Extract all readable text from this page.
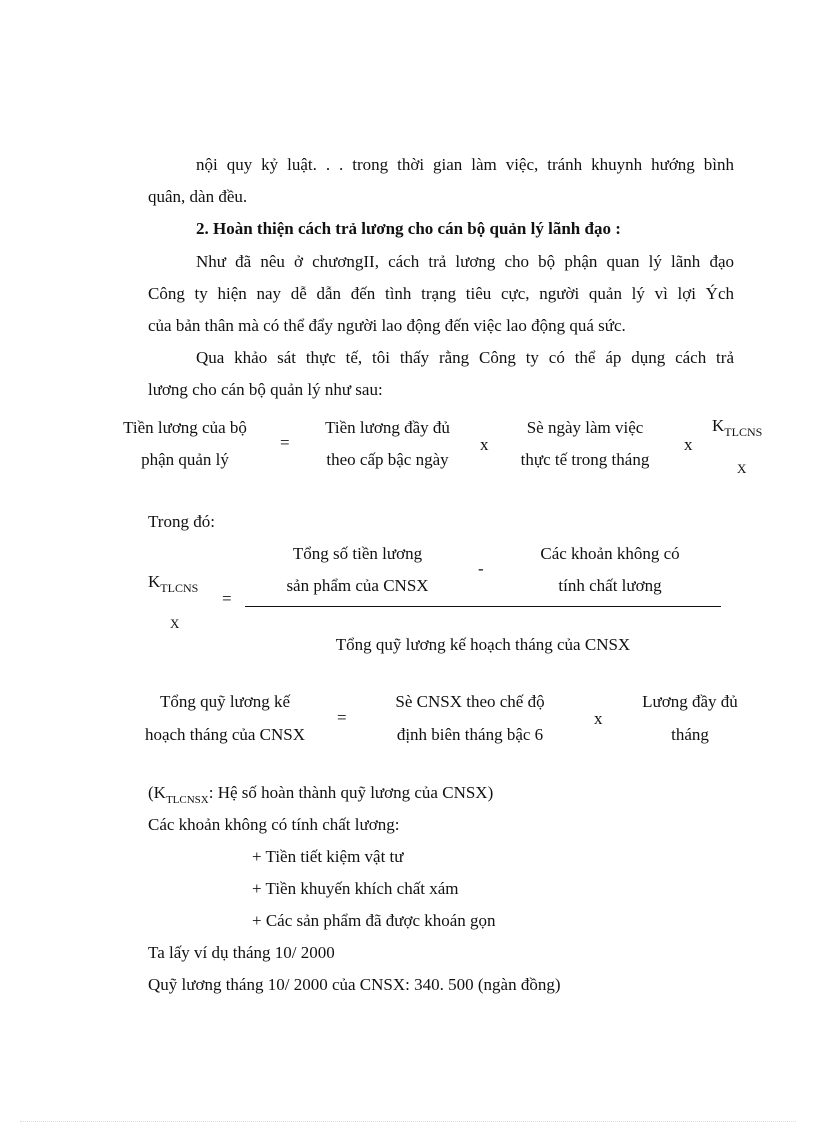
nội quy kỷ luật. . . trong thời gian làm việc, tránh khuynh hướng bình
quân, dàn đều.
2. Hoàn thiện cách trả lương cho cán bộ quản lý lãnh đạo :
Như đã nêu ở chươngII, cách trả lương cho bộ phận quan lý lãnh đạo
Công ty hiện nay dễ dẫn đến tình trạng tiêu cực, người quản lý vì lợi Ých
của bản thân mà có thể đẩy người lao động đến việc lao động quá sức.
Qua khảo sát thực tế, tôi thấy rằng Công ty có thể áp dụng cách trả
lương cho cán bộ quản lý như sau:
Tiền lương của bộ
phận quản lý
=
Tiền lương đầy đủ
theo cấp bậc ngày
x
Sè ngày làm việc
thực tế trong tháng
x
$K_{TLCNS}$
X
Trong đó:
$K_{TLCNS}$
X
=
Tổng số tiền lương
sản phẩm của CNSX
-
Các khoản không có
tính chất lương
Tổng quỹ lương kế hoạch tháng của CNSX
Tổng quỹ lương kế
hoạch tháng của CNSX
=
Sè CNSX theo chế độ
định biên tháng bậc 6
x
Lương đầy đủ
tháng
($K_{TLCNSX}$: Hệ số hoàn thành quỹ lương của CNSX)
Các khoản không có tính chất lương:
+ Tiền tiết kiệm vật tư
+ Tiền khuyến khích chất xám
+ Các sản phẩm đã được khoán gọn
Ta lấy ví dụ tháng 10/ 2000
Quỹ lương tháng 10/ 2000 của CNSX: 340. 500 (ngàn đồng)
